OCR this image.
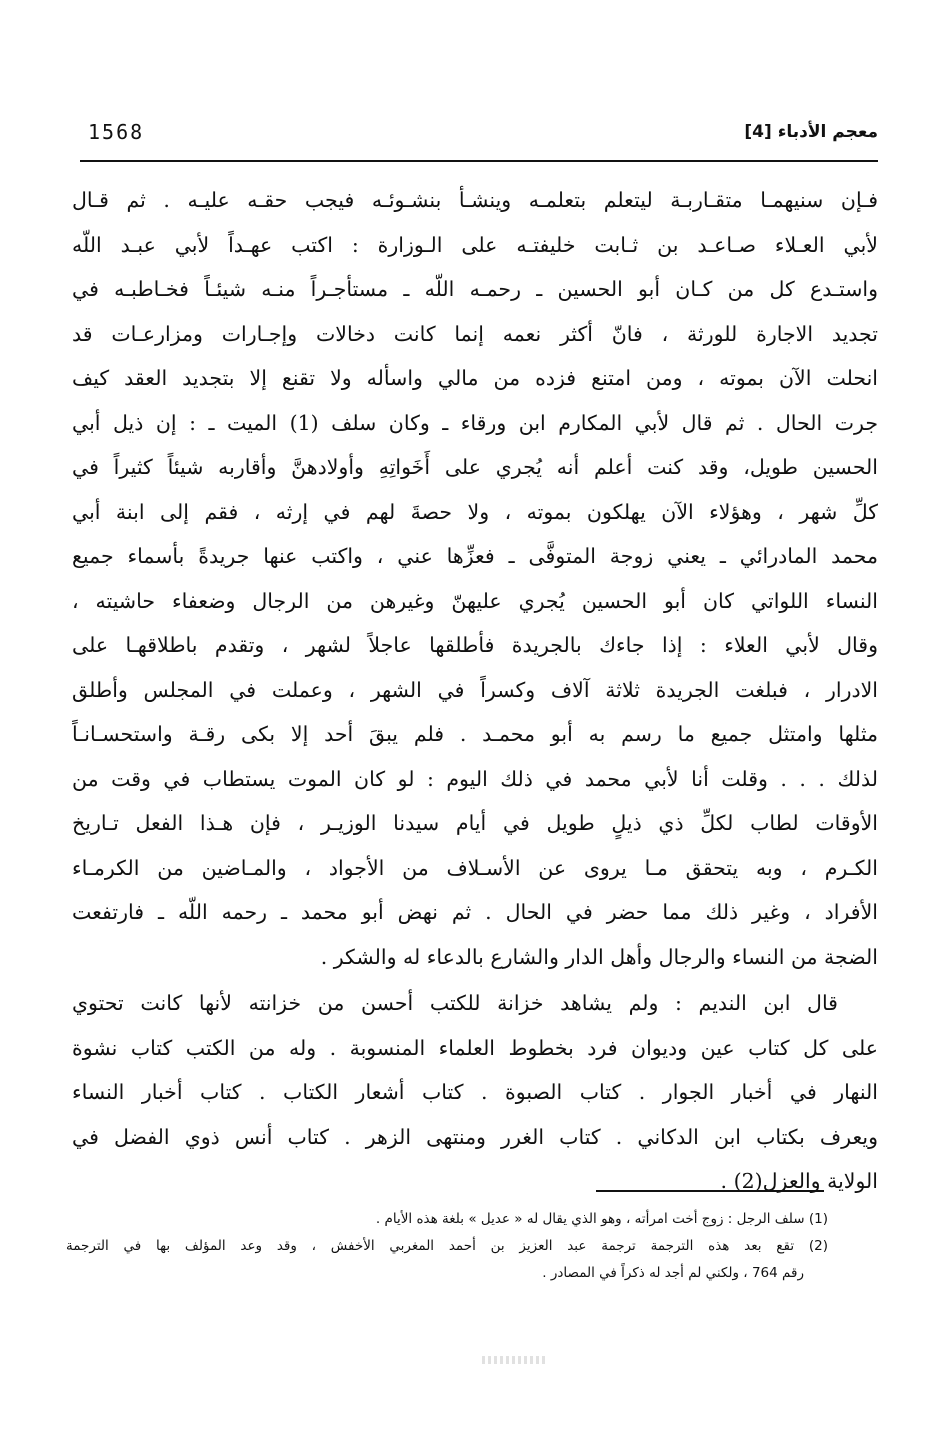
1568	معجم الأدباء [4]
فـإن سنيهمـا متقـاربـة ليتعلم بتعلمـه وينشـأ بنشـوئـه فيجب حقـه عليـه . ثم قـال
لأبي العـلاء صـاعـد بن ثـابت خليفتـه على الـوزارة : اكتب عهـداً لأبي عبـد اللّه
واستـدع كل من كـان أبو الحسين ـ رحمـه اللّه ـ مستأجـراً منـه شيئـاً فخـاطبـه في
تجديد الاجارة للورثة ، فانّ أكثر نعمه إنما كانت دخالات وإجـارات ومزارعـات قد
انحلت الآن بموته ، ومن امتنع فزده من مالي واسأله ولا تقنع إلا بتجديد العقد كيف
جرت الحال . ثم قال لأبي المكارم ابن ورقاء ـ وكان سلف (1) الميت ـ : إن ذيل أبي
الحسين طويل، وقد كنت أعلم أنه يُجري على أَخَواتِهِ وأولادهنَّ وأقاربه شيئاً كثيراً في
كلِّ شهر ، وهؤلاء الآن يهلكون بموته ، ولا حصةَ لهم في إرثه ، فقم إلى ابنة أبي
محمد المادرائي ـ يعني زوجة المتوفَّى ـ فعزِّها عني ، واكتب عنها جريدةً بأسماء جميع
النساء اللواتي كان أبو الحسين يُجري عليهنّ وغيرهن من الرجال وضعفاء حاشيته ،
وقال لأبي العلاء : إذا جاءك بالجريدة فأطلقها عاجلاً لشهر ، وتقدم باطلاقهـا على
الادرار ، فبلغت الجريدة ثلاثة آلاف وكسراً في الشهر ، وعملت في المجلس وأطلق
مثلها وامتثل جميع ما رسم به أبو محمـد . فلم يبقَ أحد إلا بكى رقـة واستحسـانـاً
لذلك . . . وقلت أنا لأبي محمد في ذلك اليوم : لو كان الموت يستطاب في وقت من
الأوقات لطاب لكلِّ ذي ذيلٍ طويل في أيام سيدنا الوزيـر ، فإن هـذا الفعل تـاريخ
الكـرم ، وبه يتحقق مـا يروى عن الأسـلاف من الأجواد ، والمـاضين من الكرمـاء
الأفراد ، وغير ذلك مما حضر في الحال . ثم نهض أبو محمد ـ رحمه اللّه ـ فارتفعت
الضجة من النساء والرجال وأهل الدار والشارع بالدعاء له والشكر .
قال ابن النديم : ولم يشاهد خزانة للكتب أحسن من خزانته لأنها كانت تحتوي
على كل كتاب عين وديوان فرد بخطوط العلماء المنسوبة . وله من الكتب كتاب نشوة
النهار في أخبار الجوار . كتاب الصبوة . كتاب أشعار الكتاب . كتاب أخبار النساء
ويعرف بكتاب ابن الدكاني . كتاب الغرر ومنتهى الزهر . كتاب أنس ذوي الفضل في
الولاية والعزل(2) .
(1) سلف الرجل : زوج أخت امرأته ، وهو الذي يقال له « عديل » بلغة هذه الأيام .
(2) تقع بعد هذه الترجمة ترجمة عبد العزيز بن أحمد المغربي الأخفش ، وقد وعد المؤلف بها في الترجمة
رقم 764 ، ولكني لم أجد له ذكراً في المصادر .
